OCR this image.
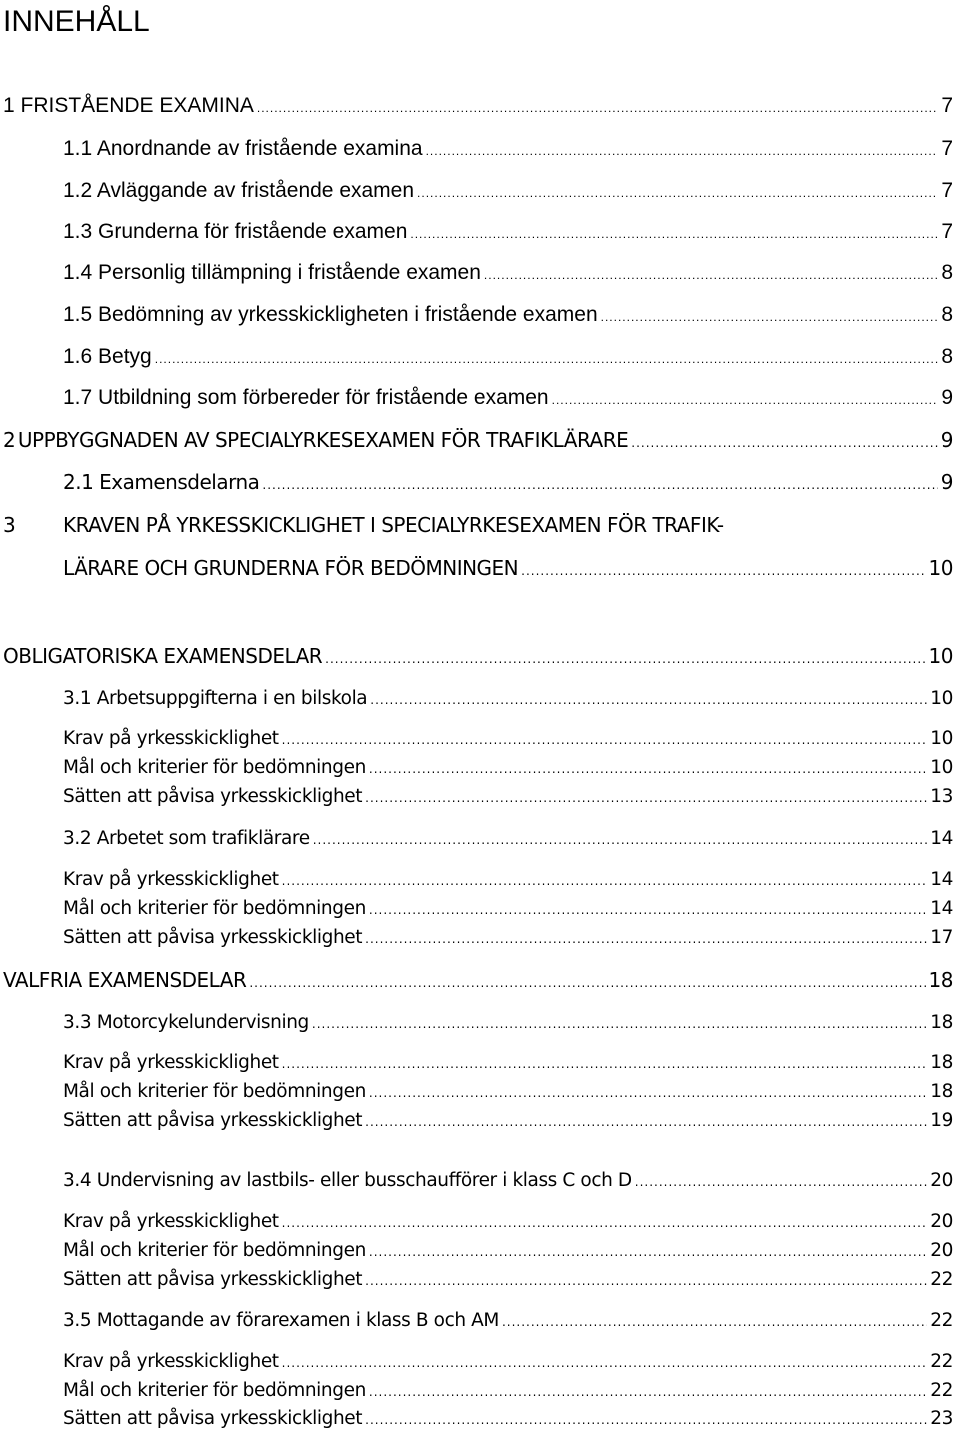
INNEHÅLL
1 FRISTÅENDE EXAMINA .....	7
1.1 Anordnande av fristående examina .....	7
1.2 Avläggande av fristående examen .....	7
1.3 Grunderna för fristående examen .....	7
1.4 Personlig tillämpning i fristående examen .....	8
1.5 Bedömning av yrkesskickligheten i fristående examen .....	8
1.6 Betyg .....	8
1.7 Utbildning som förbereder för fristående examen .....	9
2 UPPBYGGNADEN AV SPECIALYRKESEXAMEN FÖR TRAFIKLÄRARE .....	9
2.1 Examensdelarna .....	9
3 KRAVEN PÅ YRKESSKICKLIGHET I SPECIALYRKESEXAMEN FÖR TRAFIK-
LÄRARE OCH GRUNDERNA FÖR BEDÖMNINGEN .....	10
OBLIGATORISKA EXAMENSDELAR .....	10
3.1 Arbetsuppgifterna i en bilskola .....	10
Krav på yrkesskicklighet .....	10
Mål och kriterier för bedömningen .....	10
Sätten att påvisa yrkesskicklighet .....	13
3.2 Arbetet som trafiklärare .....	14
Krav på yrkesskicklighet .....	14
Mål och kriterier för bedömningen .....	14
Sätten att påvisa yrkesskicklighet .....	17
VALFRIA EXAMENSDELAR .....	18
3.3 Motorcykelundervisning .....	18
Krav på yrkesskicklighet .....	18
Mål och kriterier för bedömningen .....	18
Sätten att påvisa yrkesskicklighet .....	19
3.4 Undervisning av lastbils- eller busschaufförer i klass C och D .....	20
Krav på yrkesskicklighet .....	20
Mål och kriterier för bedömningen .....	20
Sätten att påvisa yrkesskicklighet .....	22
3.5 Mottagande av förarexamen i klass B och AM .....	22
Krav på yrkesskicklighet .....	22
Mål och kriterier för bedömningen .....	22
Sätten att påvisa yrkesskicklighet .....	23
